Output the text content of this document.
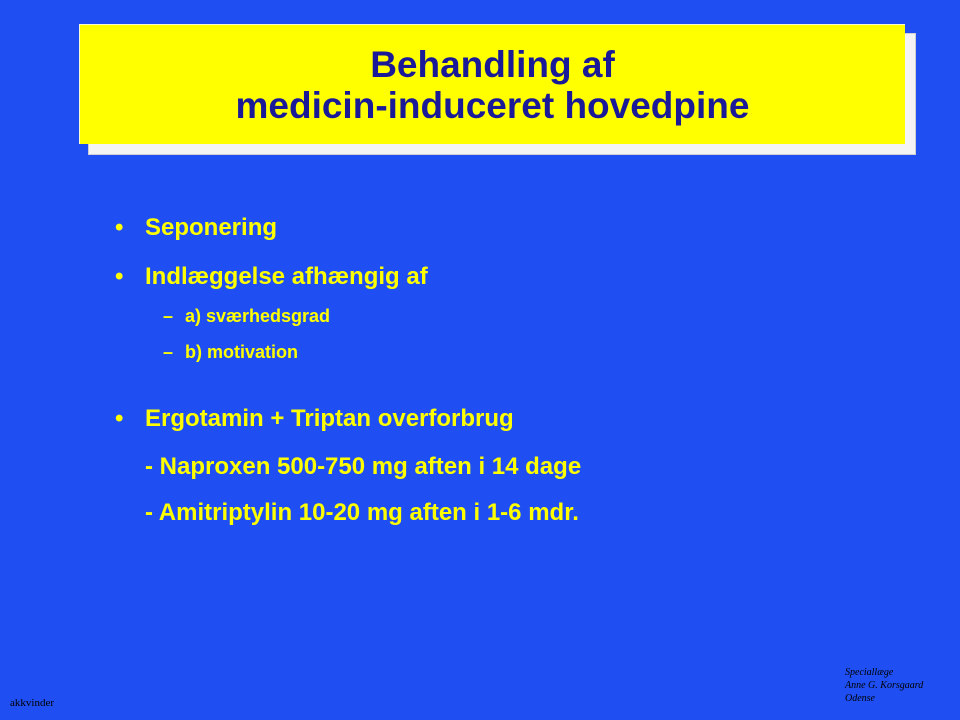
Behandling af
medicin-induceret hovedpine
• Seponering
• Indlæggelse afhængig af
– a) sværhedsgrad
– b) motivation
• Ergotamin + Triptan overforbrug
- Naproxen 500-750 mg aften i 14 dage
- Amitriptylin 10-20 mg aften i 1-6 mdr.
akkvinder
Speciallæge
Anne G. Korsgaard
Odense
